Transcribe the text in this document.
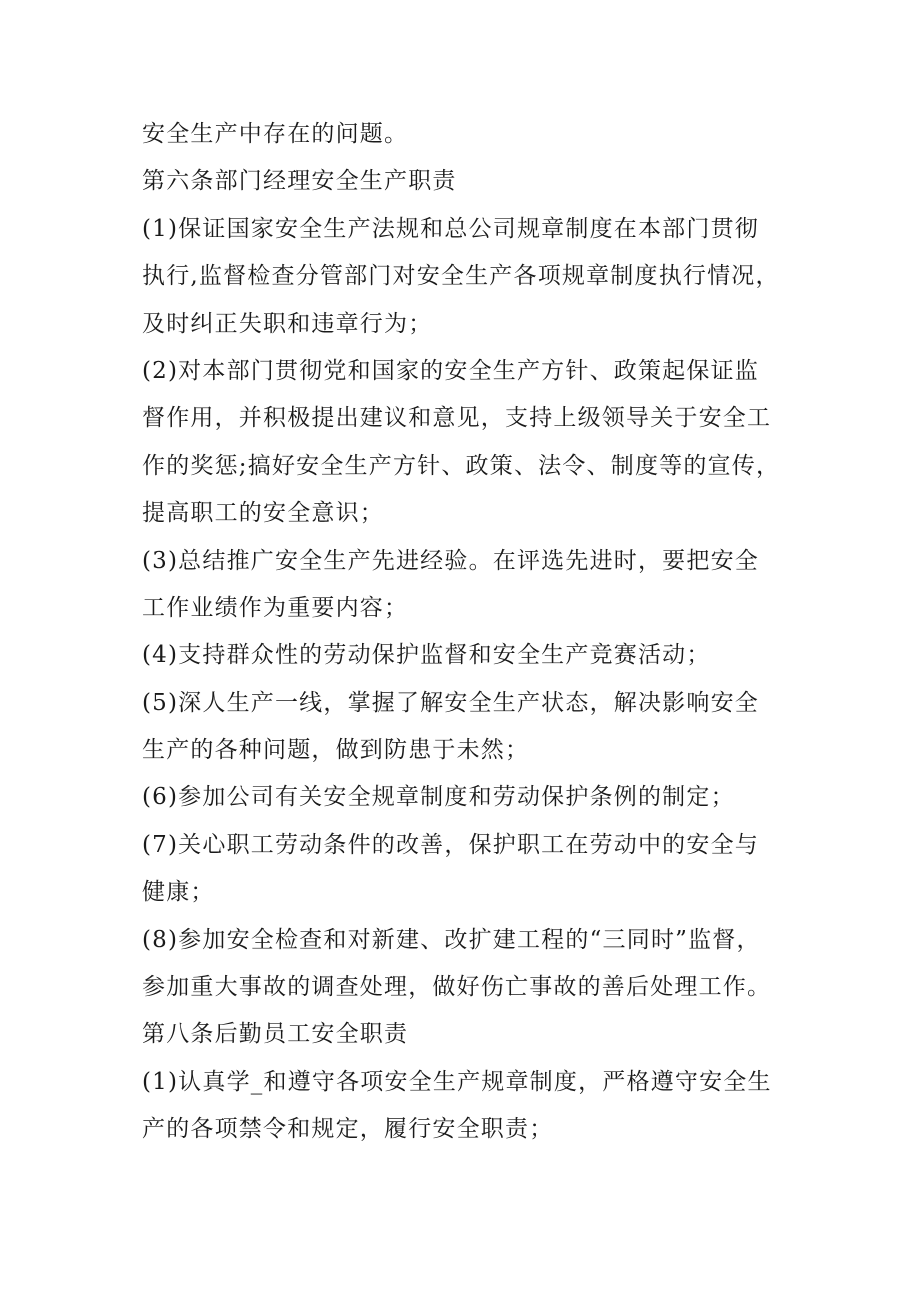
安全生产中存在的问题。
第六条部门经理安全生产职责
(1)保证国家安全生产法规和总公司规章制度在本部门贯彻
执行,监督检查分管部门对安全生产各项规章制度执行情况，
及时纠正失职和违章行为；
(2)对本部门贯彻党和国家的安全生产方针、政策起保证监
督作用，并积极提出建议和意见，支持上级领导关于安全工
作的奖惩;搞好安全生产方针、政策、法令、制度等的宣传，
提高职工的安全意识；
(3)总结推广安全生产先进经验。在评选先进时，要把安全
工作业绩作为重要内容；
(4)支持群众性的劳动保护监督和安全生产竞赛活动；
(5)深人生产一线，掌握了解安全生产状态，解决影响安全
生产的各种问题，做到防患于未然；
(6)参加公司有关安全规章制度和劳动保护条例的制定；
(7)关心职工劳动条件的改善，保护职工在劳动中的安全与
健康；
(8)参加安全检查和对新建、改扩建工程的“三同时”监督，
参加重大事故的调查处理，做好伤亡事故的善后处理工作。
第八条后勤员工安全职责
(1)认真学_和遵守各项安全生产规章制度，严格遵守安全生
产的各项禁令和规定，履行安全职责；
